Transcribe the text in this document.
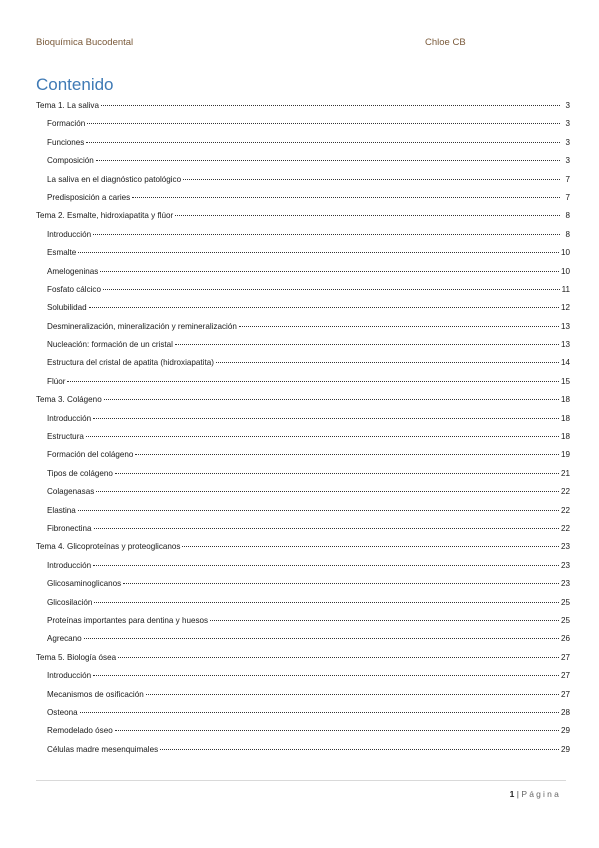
Bioquímica Bucodental	Chloe CB
Contenido
Tema 1. La saliva	3
Formación	3
Funciones	3
Composición	3
La saliva en el diagnóstico patológico	7
Predisposición a caries	7
Tema 2. Esmalte, hidroxiapatita y flúor	8
Introducción	8
Esmalte	10
Amelogeninas	10
Fosfato cálcico	11
Solubilidad	12
Desmineralización, mineralización y remineralización	13
Nucleación: formación de un cristal	13
Estructura del cristal de apatita (hidroxiapatita)	14
Flúor	15
Tema 3. Colágeno	18
Introducción	18
Estructura	18
Formación del colágeno	19
Tipos de colágeno	21
Colagenasas	22
Elastina	22
Fibronectina	22
Tema 4. Glicoproteínas y proteoglicanos	23
Introducción	23
Glicosaminoglicanos	23
Glicosilación	25
Proteínas importantes para dentina y huesos	25
Agrecano	26
Tema 5. Biología ósea	27
Introducción	27
Mecanismos de osificación	27
Osteona	28
Remodelado óseo	29
Células madre mesenquimales	29
1 | Página
